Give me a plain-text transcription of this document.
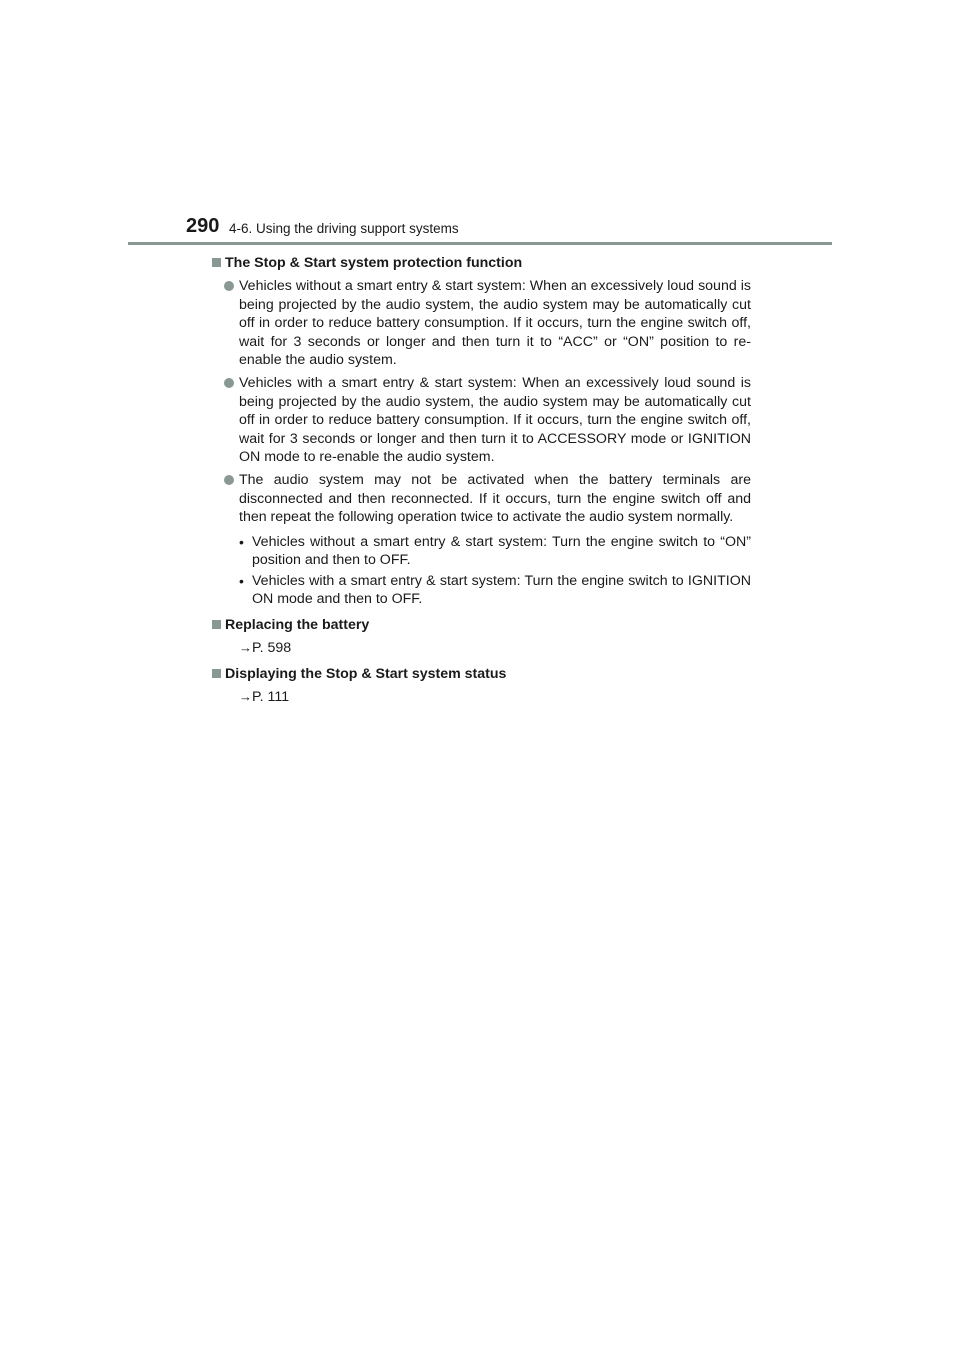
290 4-6. Using the driving support systems
The Stop & Start system protection function
Vehicles without a smart entry & start system: When an excessively loud sound is being projected by the audio system, the audio system may be automatically cut off in order to reduce battery consumption. If it occurs, turn the engine switch off, wait for 3 seconds or longer and then turn it to “ACC” or “ON” position to re-enable the audio system.
Vehicles with a smart entry & start system: When an excessively loud sound is being projected by the audio system, the audio system may be automatically cut off in order to reduce battery consumption. If it occurs, turn the engine switch off, wait for 3 seconds or longer and then turn it to ACCESSORY mode or IGNITION ON mode to re-enable the audio system.
The audio system may not be activated when the battery terminals are disconnected and then reconnected. If it occurs, turn the engine switch off and then repeat the following operation twice to activate the audio system normally.
• Vehicles without a smart entry & start system: Turn the engine switch to “ON” position and then to OFF.
• Vehicles with a smart entry & start system: Turn the engine switch to IGNITION ON mode and then to OFF.
Replacing the battery
→P. 598
Displaying the Stop & Start system status
→P. 111
